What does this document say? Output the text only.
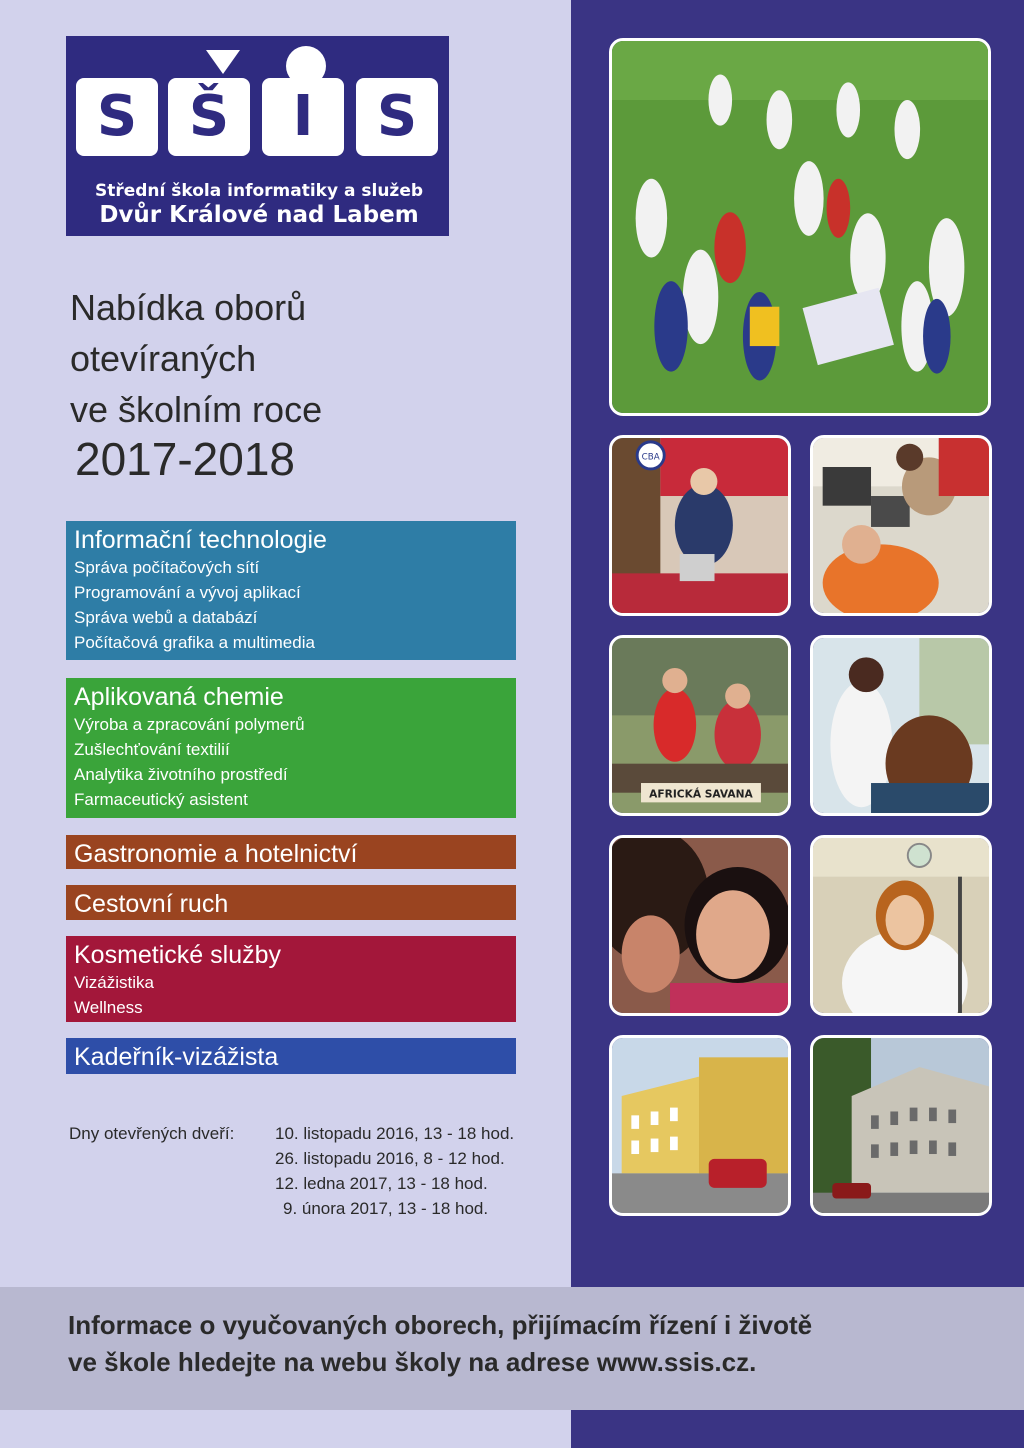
S Š	I	S
Střední škola informatiky a služeb
Dvůr Králové nad Labem
Nabídka oborů
otevíraných
ve školním roce
2017-2018
Informační technologie
Správa počítačových sítí
Programování a vývoj aplikací
Správa webů a databází
Počítačová grafika a multimedia
Aplikovaná chemie
Výroba a zpracování polymerů
Zušlechťování textilií
Analytika životního prostředí
Farmaceutický asistent
Gastronomie a hotelnictví
Cestovní ruch
Kosmetické služby
Vizážistika
Wellness
Kadeřník-vizážista
Dny otevřených dveří: 10. listopadu 2016, 13 - 18 hod.
26. listopadu 2016, 8 - 12 hod.
12. ledna 2017, 13 - 18 hod.
9. února 2017, 13 - 18 hod.
CBA
AFRICKÁ SAVANA
Informace o vyučovaných oborech, přijímacím řízení i životě
ve škole hledejte na webu školy na adrese www.ssis.cz.
